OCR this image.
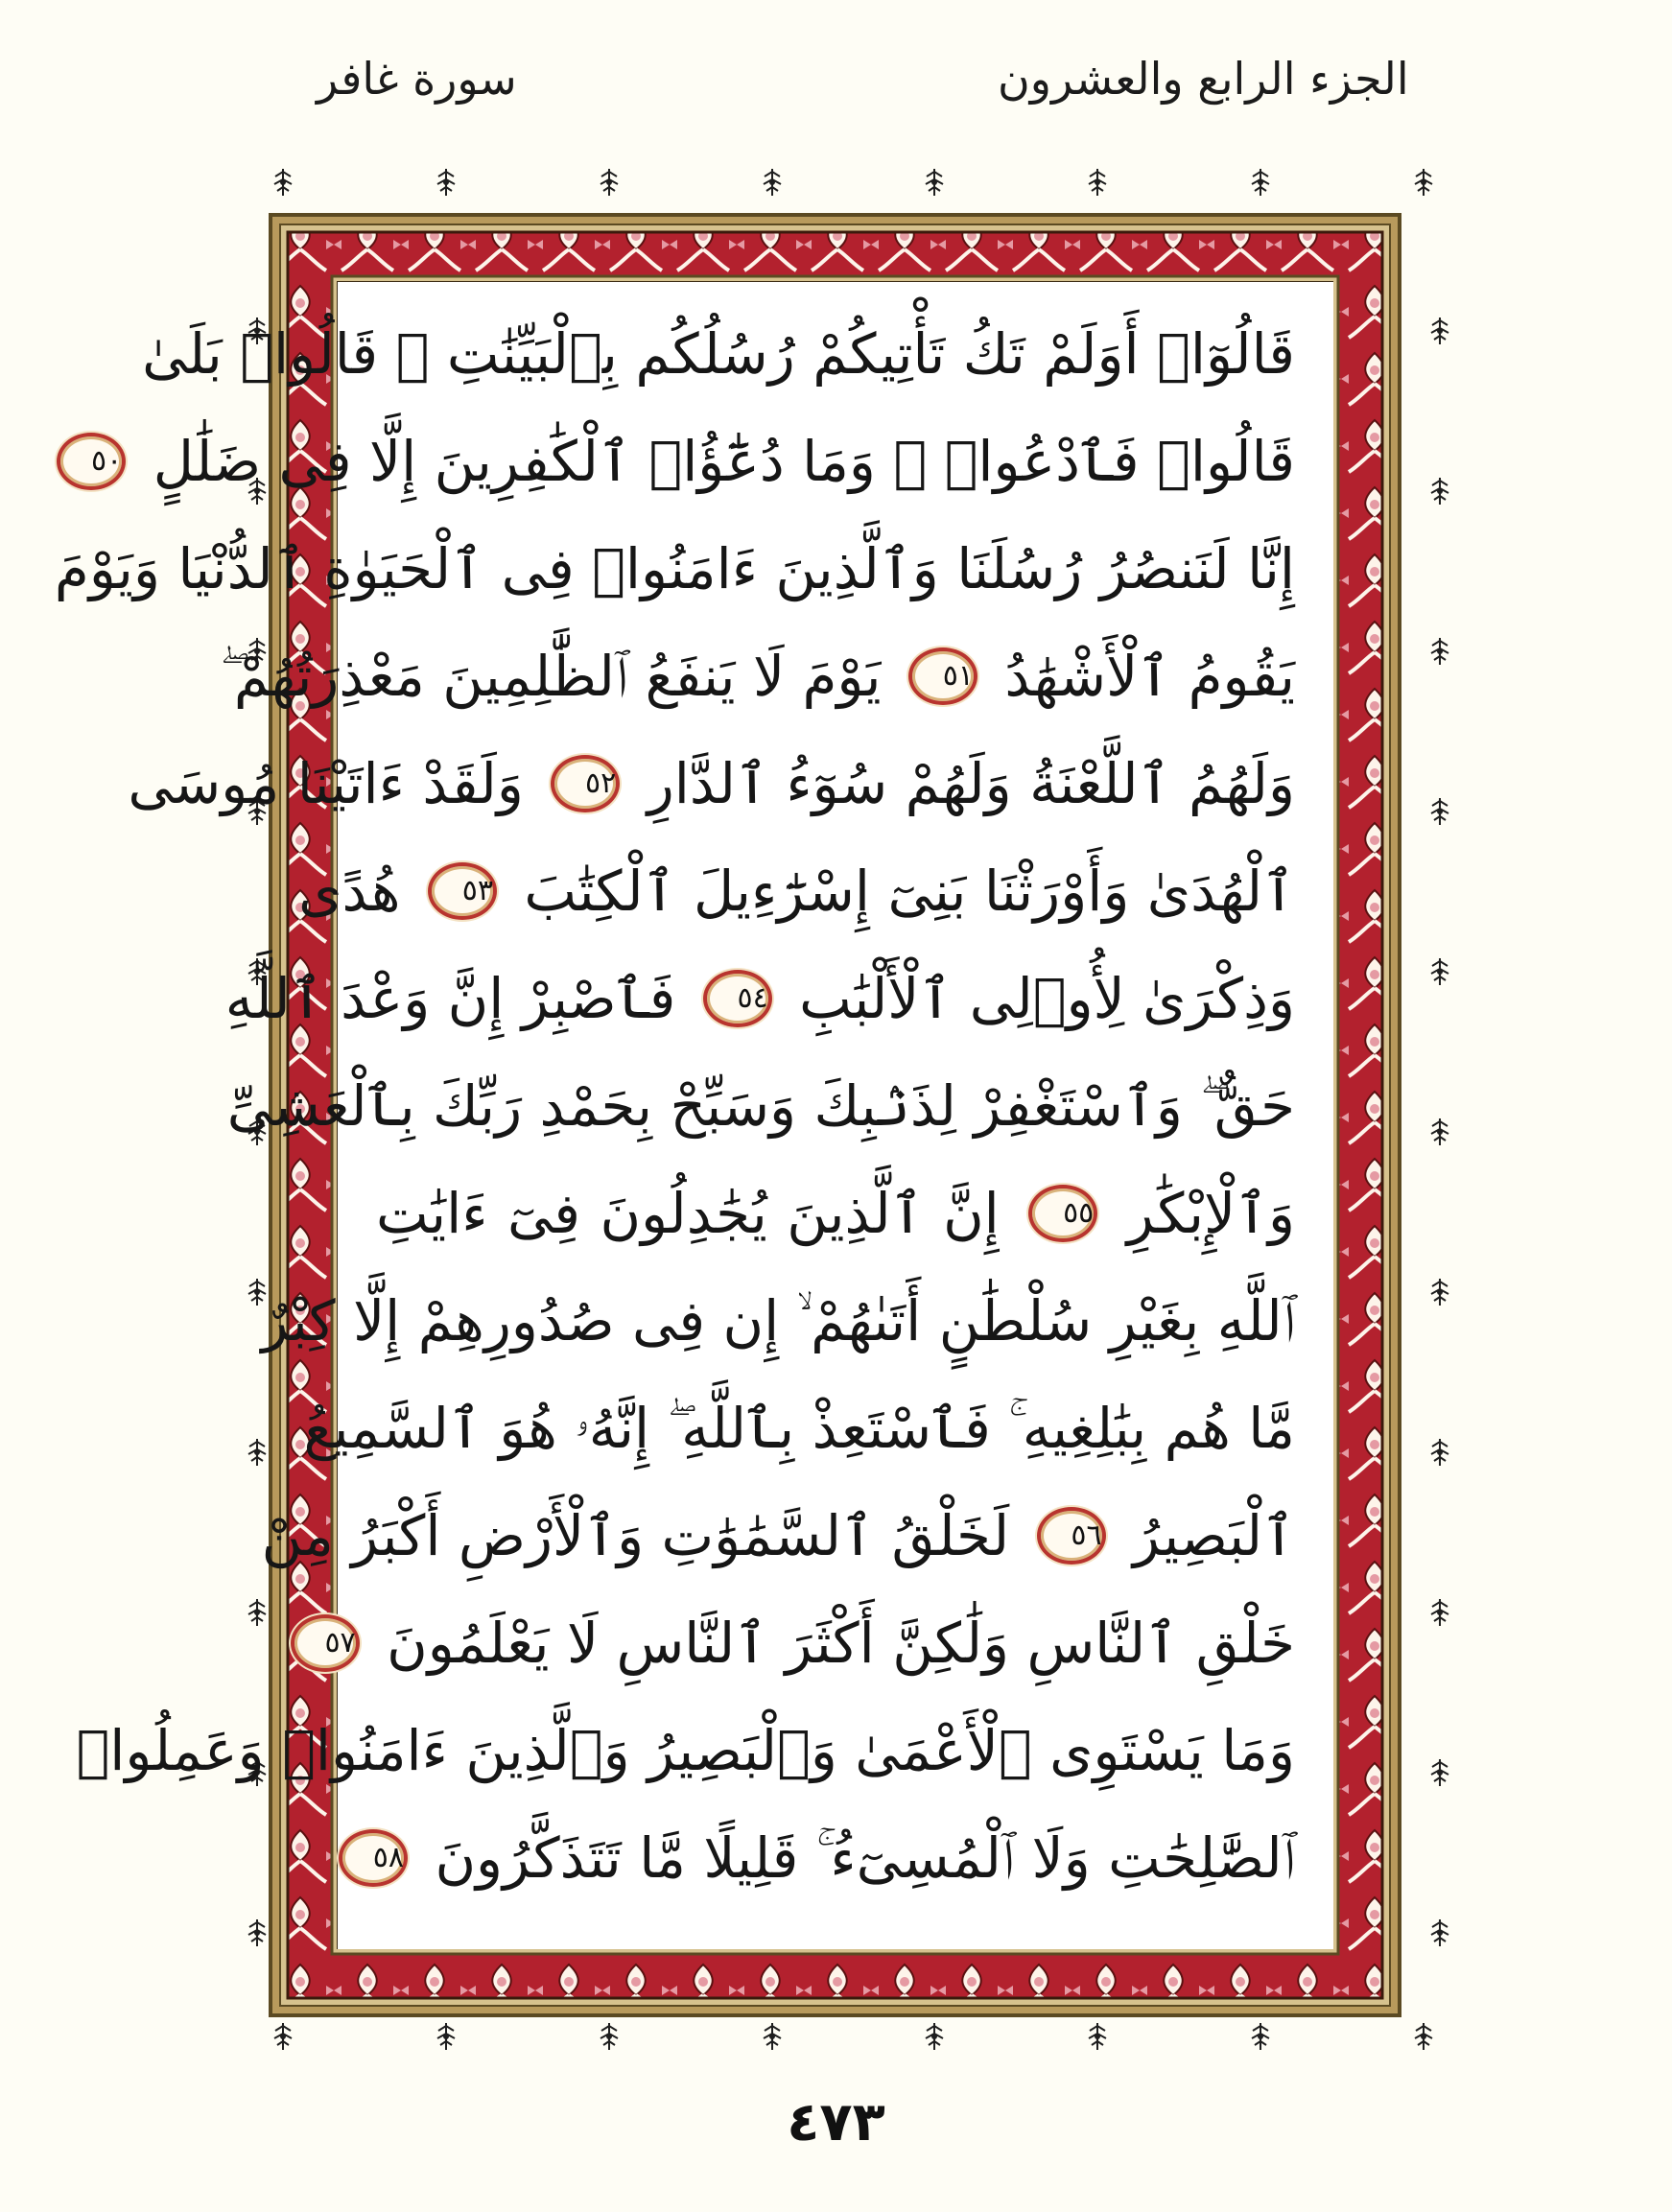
الجزء الرابع والعشرون
سورة غافر
قَالُوٓا۟ أَوَلَمْ تَكُ تَأْتِيكُمْ رُسُلُكُم بِٱلْبَيِّنَٰتِ ۖ قَالُوا۟ بَلَىٰ
قَالُوا۟ فَٱدْعُوا۟ ۗ وَمَا دُعَٰٓؤُا۟ ٱلْكَٰفِرِينَ إِلَّا فِى ضَلَٰلٍ ٥٠
إِنَّا لَنَنصُرُ رُسُلَنَا وَٱلَّذِينَ ءَامَنُوا۟ فِى ٱلْحَيَوٰةِ ٱلدُّنْيَا وَيَوْمَ
يَقُومُ ٱلْأَشْهَٰدُ ٥١ يَوْمَ لَا يَنفَعُ ٱلظَّٰلِمِينَ مَعْذِرَتُهُمْ ۖ
وَلَهُمُ ٱللَّعْنَةُ وَلَهُمْ سُوٓءُ ٱلدَّارِ ٥٢ وَلَقَدْ ءَاتَيْنَا مُوسَى
ٱلْهُدَىٰ وَأَوْرَثْنَا بَنِىٓ إِسْرَٰٓءِيلَ ٱلْكِتَٰبَ ٥٣ هُدًى
وَذِكْرَىٰ لِأُو۟لِى ٱلْأَلْبَٰبِ ٥٤ فَٱصْبِرْ إِنَّ وَعْدَ ٱللَّهِ
حَقٌّ ۖ وَٱسْتَغْفِرْ لِذَنۢبِكَ وَسَبِّحْ بِحَمْدِ رَبِّكَ بِٱلْعَشِىِّ
وَٱلْإِبْكَٰرِ ٥٥ إِنَّ ٱلَّذِينَ يُجَٰدِلُونَ فِىٓ ءَايَٰتِ
ٱللَّهِ بِغَيْرِ سُلْطَٰنٍ أَتَىٰهُمْ ۙ إِن فِى صُدُورِهِمْ إِلَّا كِبْرٌ
مَّا هُم بِبَٰلِغِيهِ ۚ فَٱسْتَعِذْ بِٱللَّهِ ۖ إِنَّهُۥ هُوَ ٱلسَّمِيعُ
ٱلْبَصِيرُ ٥٦ لَخَلْقُ ٱلسَّمَٰوَٰتِ وَٱلْأَرْضِ أَكْبَرُ مِنْ
خَلْقِ ٱلنَّاسِ وَلَٰكِنَّ أَكْثَرَ ٱلنَّاسِ لَا يَعْلَمُونَ ٥٧
وَمَا يَسْتَوِى ٱلْأَعْمَىٰ وَٱلْبَصِيرُ وَٱلَّذِينَ ءَامَنُوا۟ وَعَمِلُوا۟
ٱلصَّٰلِحَٰتِ وَلَا ٱلْمُسِىٓءُ ۚ قَلِيلًا مَّا تَتَذَكَّرُونَ ٥٨
٤٧٣
